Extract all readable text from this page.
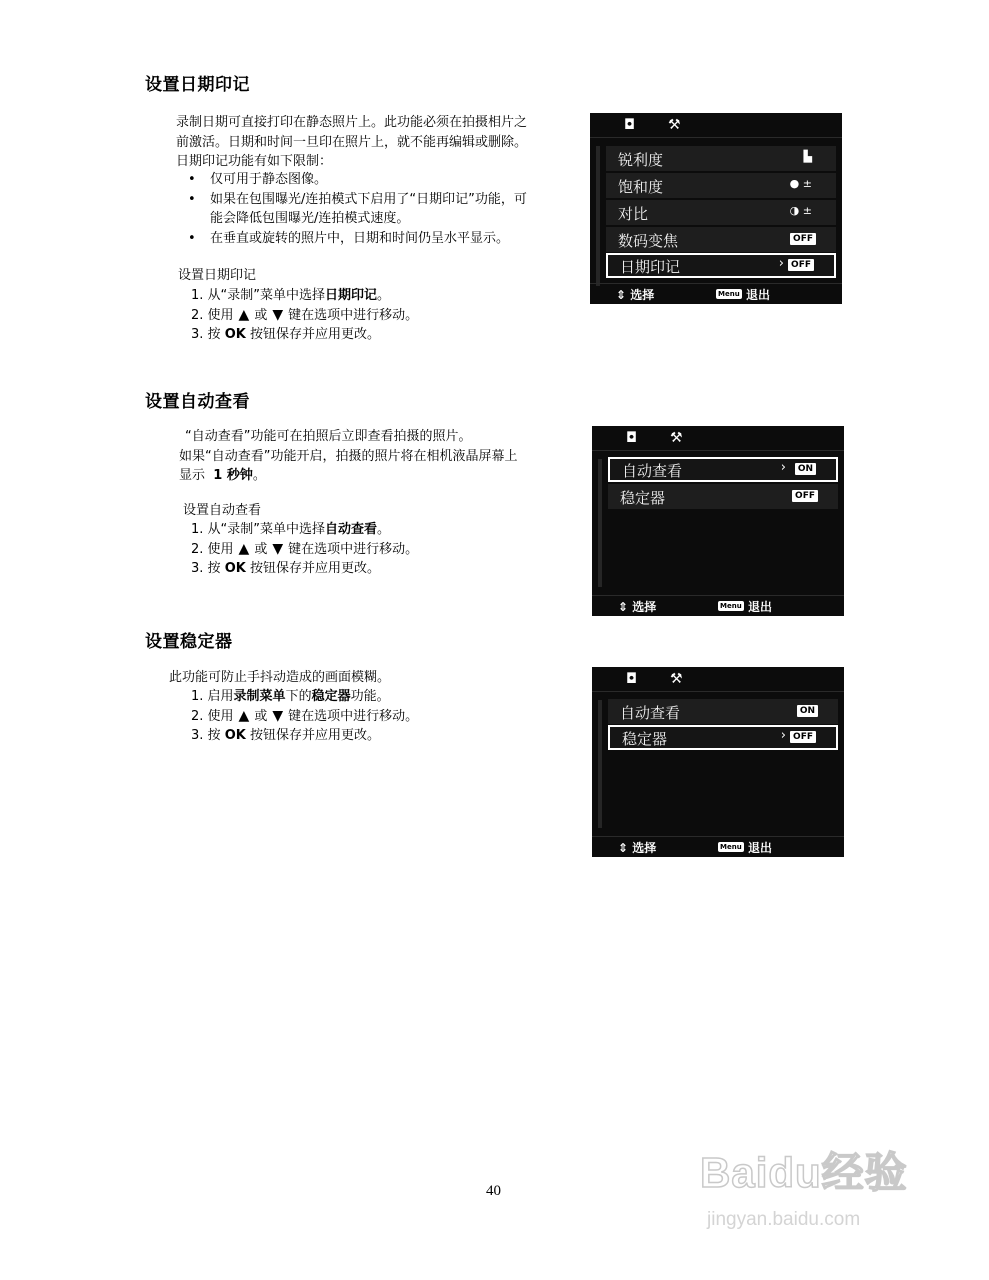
设置日期印记
录制日期可直接打印在静态照片上。此功能必须在拍摄相片之
前激活。日期和时间一旦印在照片上，就不能再编辑或删除。
日期印记功能有如下限制：
• 仅可用于静态图像。
• 如果在包围曝光/连拍模式下启用了“日期印记”功能，可
能会降低包围曝光/连拍模式速度。
• 在垂直或旋转的照片中，日期和时间仍呈水平显示。
设置日期印记
1. 从“录制”菜单中选择日期印记。
2. 使用 ▲ 或 ▼ 键在选项中进行移动。
3. 按 OK 按钮保存并应用更改。
◘ ⚒
锐利度	▙
饱和度	● ±
对比	◑ ±
数码变焦	OFF
日期印记	› OFF
⇕ 选择	Menu 退出
设置自动查看
“自动查看”功能可在拍照后立即查看拍摄的照片。
如果“自动查看”功能开启，拍摄的照片将在相机液晶屏幕上
显示 1 秒钟。
设置自动查看
1. 从“录制”菜单中选择自动查看。
2. 使用 ▲ 或 ▼ 键在选项中进行移动。
3. 按 OK 按钮保存并应用更改。
◘ ⚒
自动查看	›	ON
稳定器	OFF
⇕ 选择	Menu 退出
设置稳定器
此功能可防止手抖动造成的画面模糊。
1. 启用录制菜单下的稳定器功能。
2. 使用 ▲ 或 ▼ 键在选项中进行移动。
3. 按 OK 按钮保存并应用更改。
◘ ⚒
自动查看	ON
稳定器	› OFF
⇕ 选择	Menu 退出
40	Baidu经验
jingyan.baidu.com
